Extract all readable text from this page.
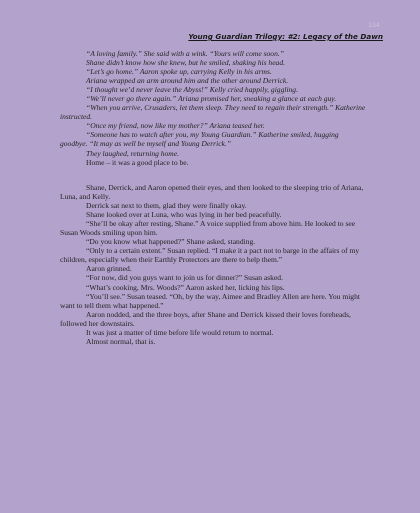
134
Young Guardian Trilogy: #2: Legacy of the Dawn

“A loving family.” She said with a wink. “Yours will come soon.”

Shane didn’t know how she knew, but he smiled, shaking his head.

“Let’s go home.” Aaron spoke up, carrying Kelly in his arms.

Ariana wrapped an arm around him and the other around Derrick.

“I thought we’d never leave the Abyss!” Kelly cried happily, giggling.

“We’ll never go there again.” Ariana promised her, sneaking a glance at each guy.

“When you arrive, Crusaders, let them sleep. They need to regain their strength.” Katherine instructed.

“Once my friend, now like my mother?” Ariana teased her.

“Someone has to watch after you, my Young Guardian.” Katherine smiled, hugging goodbye. “It may as well be myself and Young Derrick.”

They laughed, returning home.

Home – it was a good place to be.

Shane, Derrick, and Aaron opened their eyes, and then looked to the sleeping trio of Ariana, Luna, and Kelly.

Derrick sat next to them, glad they were finally okay.

Shane looked over at Luna, who was lying in her bed peacefully.

“She’ll be okay after resting, Shane.” A voice supplied from above him. He looked to see Susan Woods smiling upon him.

“Do you know what happened?” Shane asked, standing.

“Only to a certain extent.” Susan replied. “I make it a pact not to barge in the affairs of my children, especially when their Earthly Protectors are there to help them.”

Aaron grinned.

“For now, did you guys want to join us for dinner?” Susan asked.

“What’s cooking, Mrs. Woods?” Aaron asked her, licking his lips.

“You’ll see.” Susan teased. “Oh, by the way, Aimee and Bradley Allen are here. You might want to tell them what happened.”

Aaron nodded, and the three boys, after Shane and Derrick kissed their loves foreheads, followed her downstairs.

It was just a matter of time before life would return to normal.

Almost normal, that is.
